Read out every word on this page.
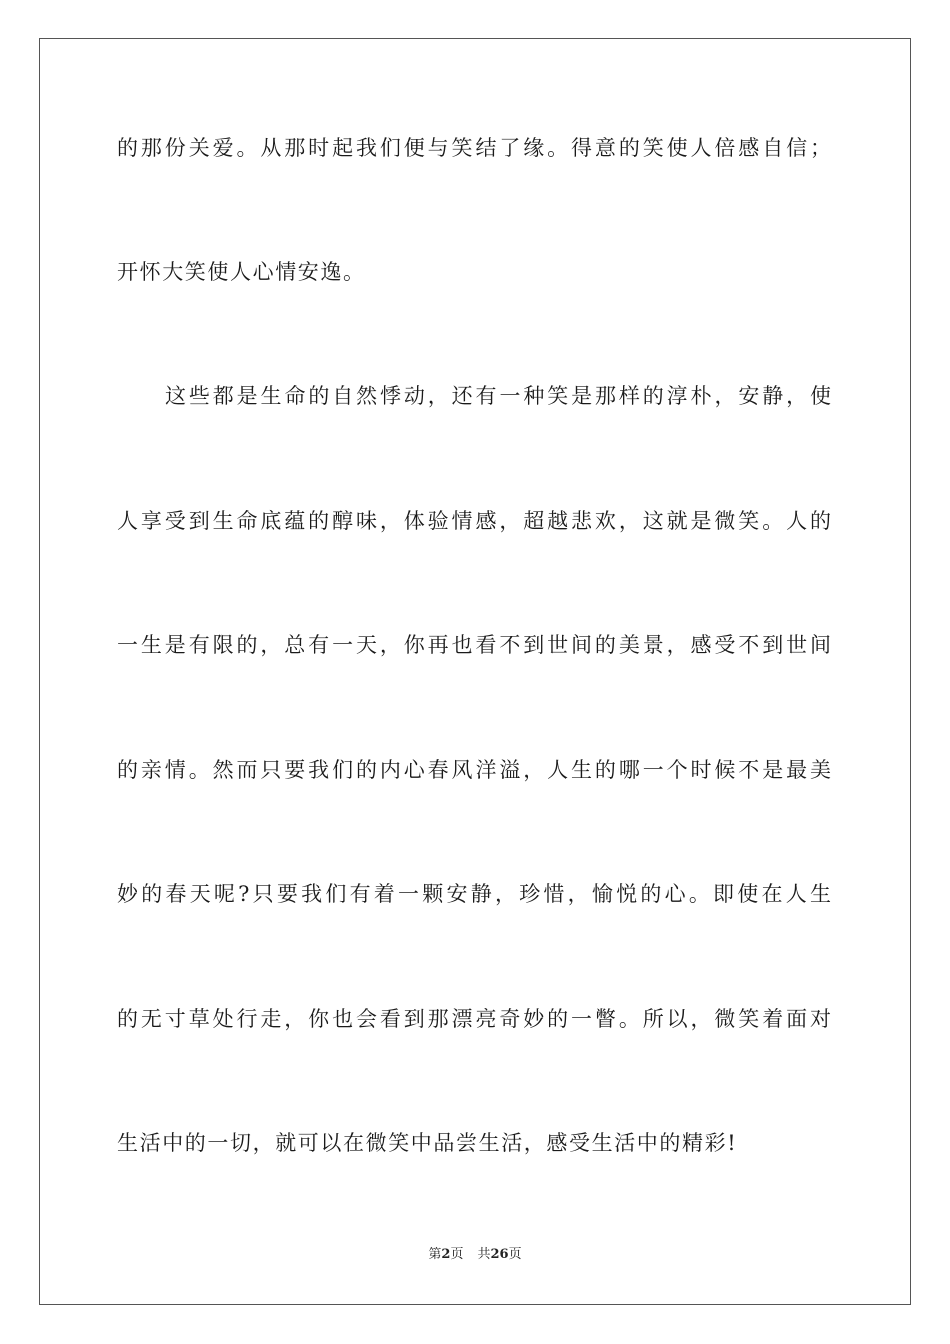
的那份关爱。从那时起我们便与笑结了缘。得意的笑使人倍感自信；
开怀大笑使人心情安逸。
这些都是生命的自然悸动，还有一种笑是那样的淳朴，安静，使
人享受到生命底蕴的醇味，体验情感，超越悲欢，这就是微笑。人的
一生是有限的，总有一天，你再也看不到世间的美景，感受不到世间
的亲情。然而只要我们的内心春风洋溢，人生的哪一个时候不是最美
妙的春天呢?只要我们有着一颗安静，珍惜，愉悦的心。即使在人生
的无寸草处行走，你也会看到那漂亮奇妙的一瞥。所以，微笑着面对
生活中的一切，就可以在微笑中品尝生活，感受生活中的精彩!
第2页 共26页
